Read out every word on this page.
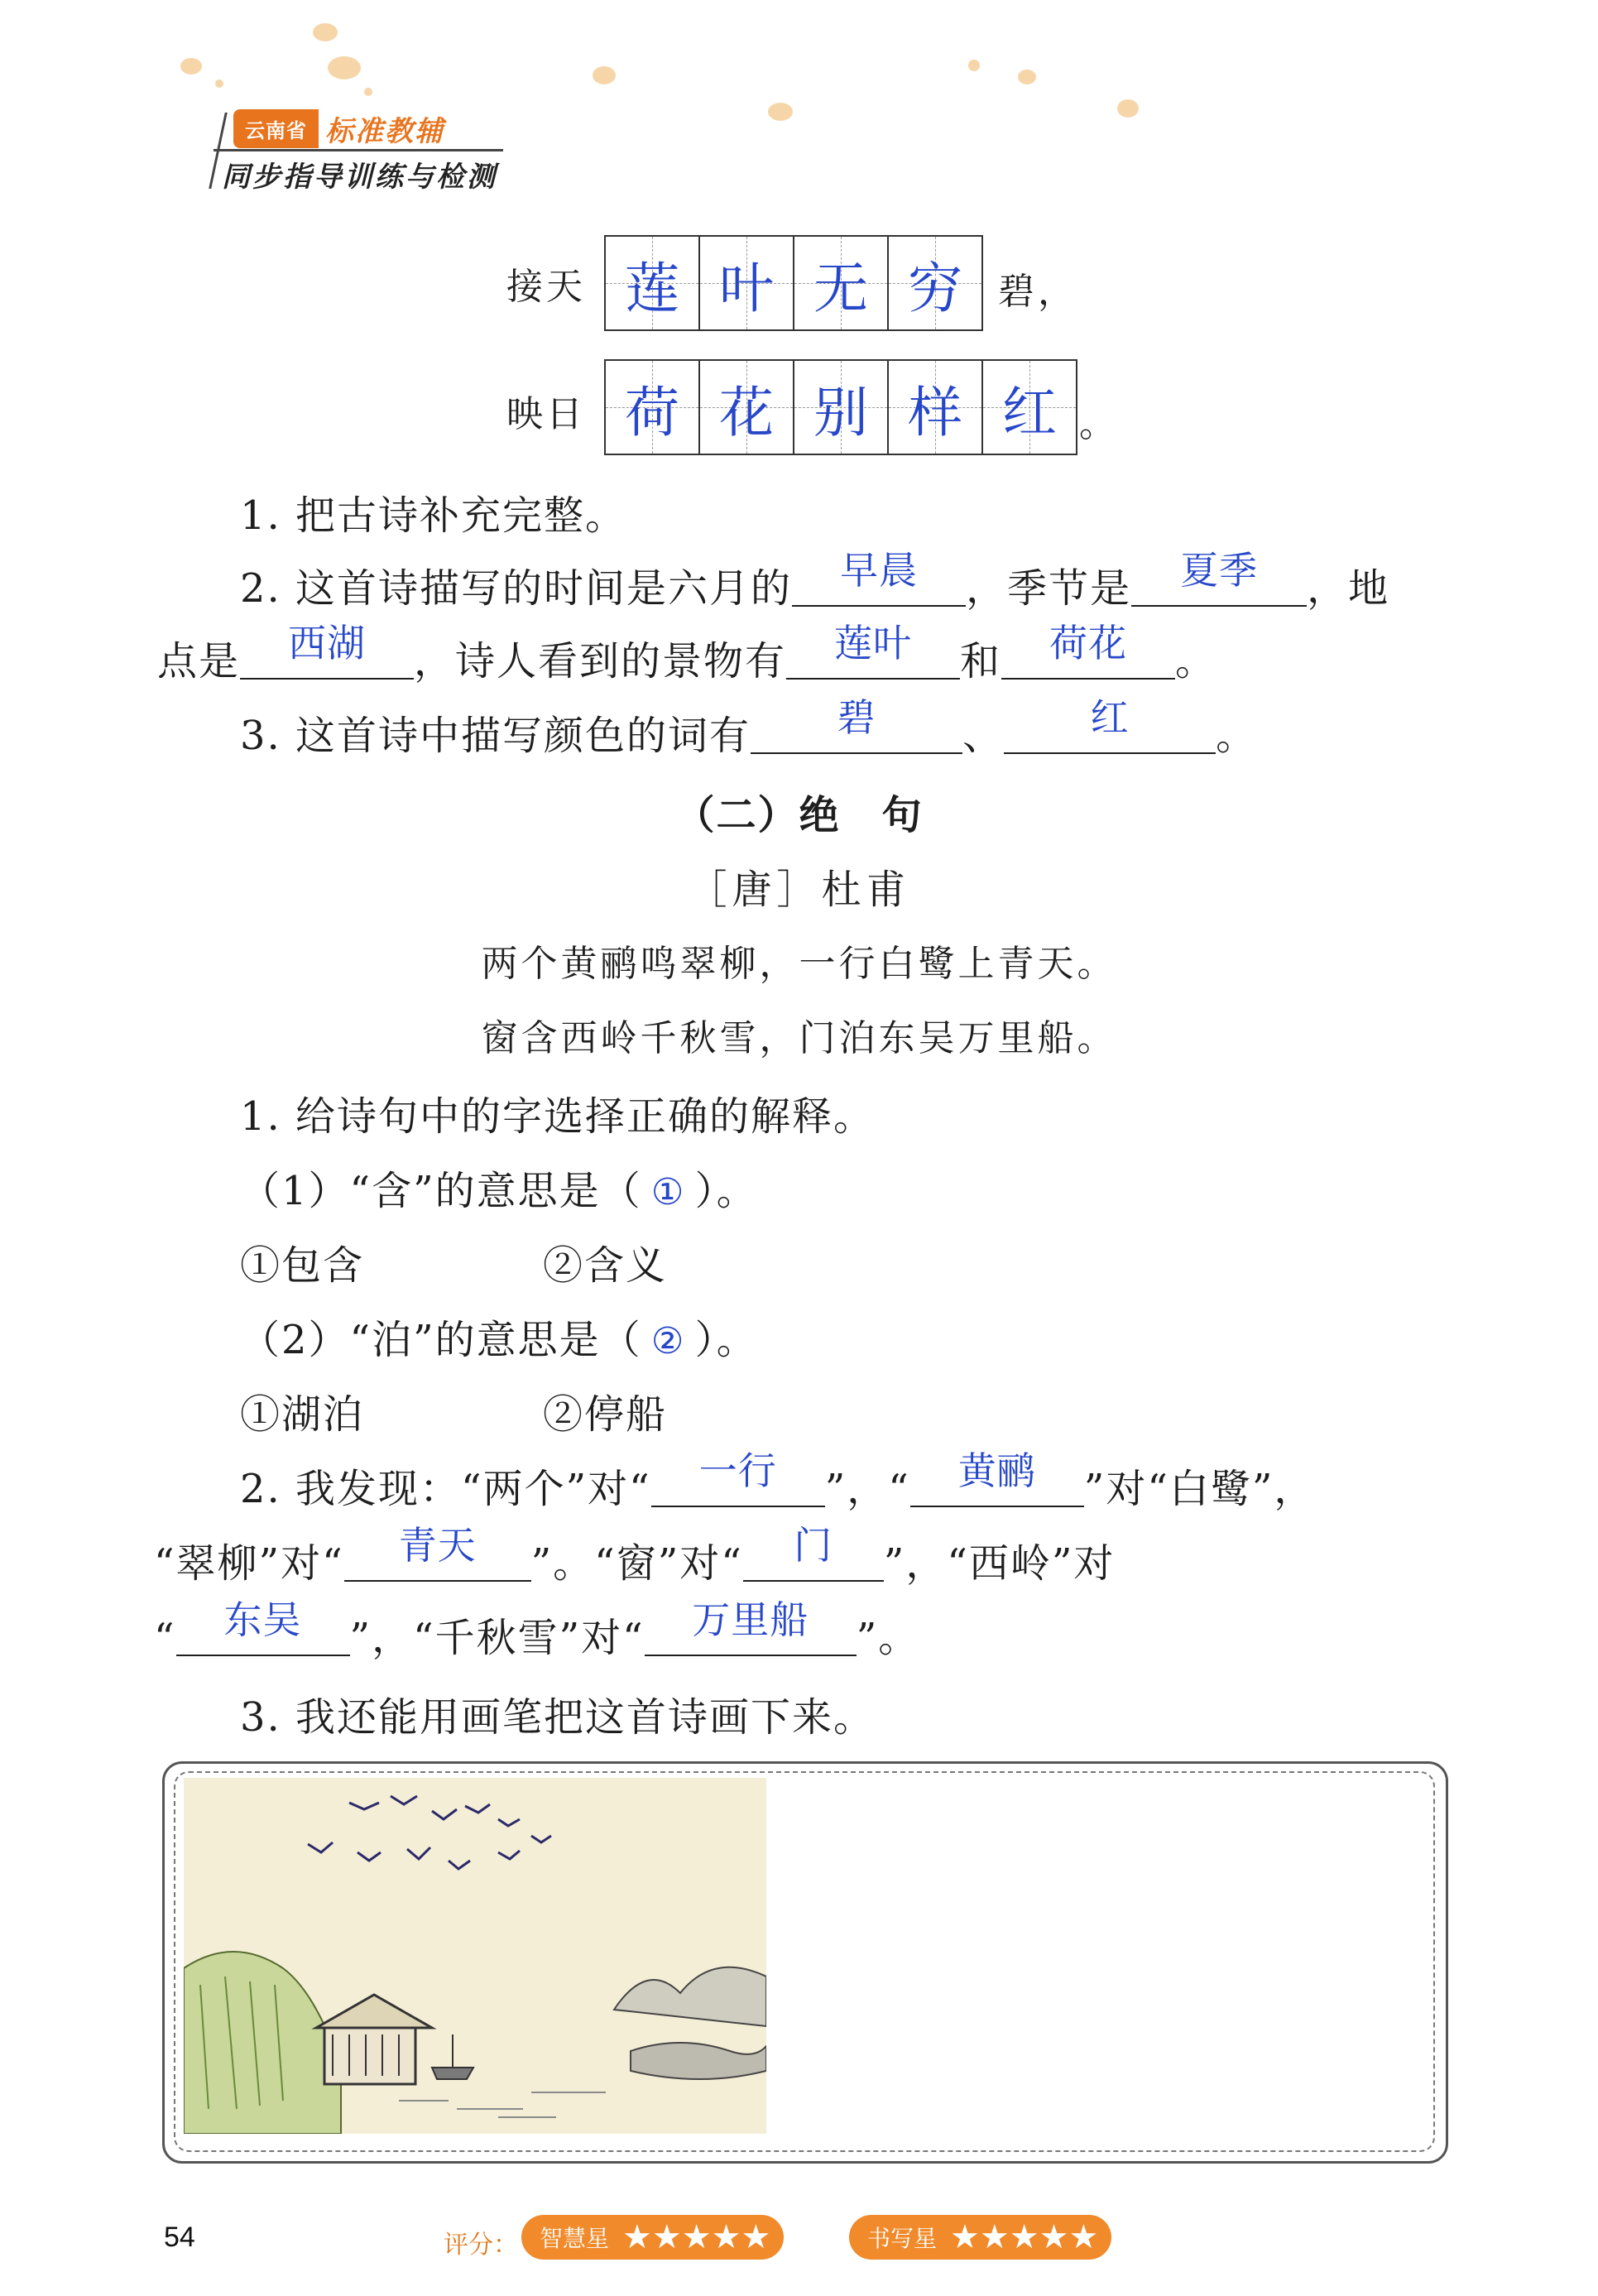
云南省 标准教辅
同步指导训练与检测
接天 莲 叶 无 穷 碧，
映日 荷 花 别 样 红 。
1. 把古诗补充完整。
2. 这首诗描写的时间是六月的	早晨	，季节是	夏季	，地
点是	西湖	，诗人看到的景物有	莲叶	和	荷花	。
3. 这首诗中描写颜色的词有	碧	、	红	。
（二）绝　句
［唐］杜甫
两个黄鹂鸣翠柳，一行白鹭上青天。
窗含西岭千秋雪，门泊东吴万里船。
1. 给诗句中的字选择正确的解释。
（1）“含”的意思是（ ① ）。
①包含	②含义
（2）“泊”的意思是（ ② ）。
①湖泊	②停船
2. 我发现：“两个”对“	一行	”，“	黄鹂	”对“白鹭”，
“翠柳”对“	青天	”。“窗”对“	门	”，“西岭”对
“	东吴	”，“千秋雪”对“	万里船	”。
3. 我还能用画笔把这首诗画下来。
54	评分： 智慧星 ★★★★★	书写星 ★★★★★
